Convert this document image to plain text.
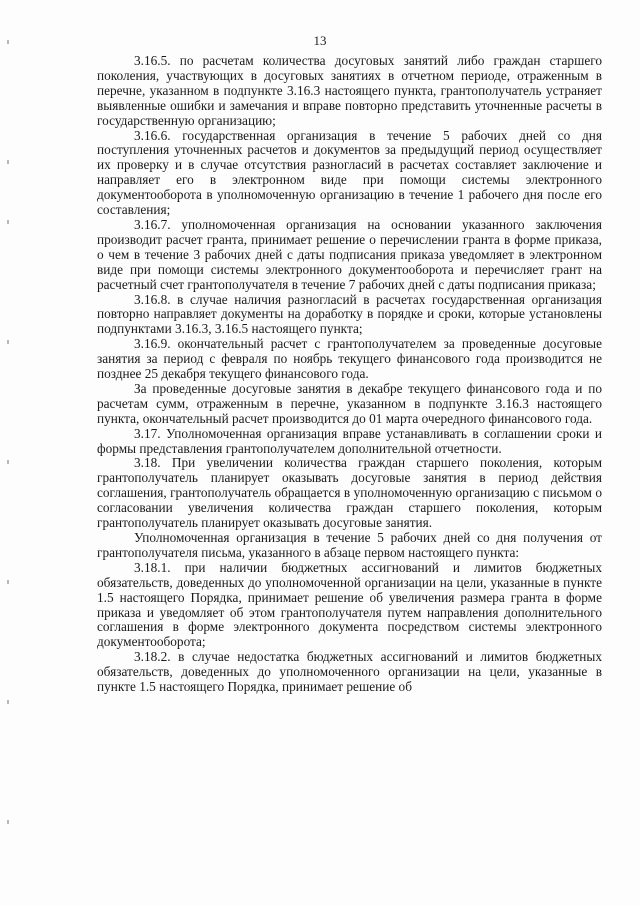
13

3.16.5. по расчетам количества досуговых занятий либо граждан старшего поколения, участвующих в досуговых занятиях в отчетном периоде, отраженным в перечне, указанном в подпункте 3.16.3 настоящего пункта, грантополучатель устраняет выявленные ошибки и замечания и вправе повторно представить уточненные расчеты в государственную организацию;

3.16.6. государственная организация в течение 5 рабочих дней со дня поступления уточненных расчетов и документов за предыдущий период осуществляет их проверку и в случае отсутствия разногласий в расчетах составляет заключение и направляет его в электронном виде при помощи системы электронного документооборота в уполномоченную организацию в течение 1 рабочего дня после его составления;

3.16.7. уполномоченная организация на основании указанного заключения производит расчет гранта, принимает решение о перечислении гранта в форме приказа, о чем в течение 3 рабочих дней с даты подписания приказа уведомляет в электронном виде при помощи системы электронного документооборота и перечисляет грант на расчетный счет грантополучателя в течение 7 рабочих дней с даты подписания приказа;

3.16.8. в случае наличия разногласий в расчетах государственная организация повторно направляет документы на доработку в порядке и сроки, которые установлены подпунктами 3.16.3, 3.16.5 настоящего пункта;

3.16.9. окончательный расчет с грантополучателем за проведенные досуговые занятия за период с февраля по ноябрь текущего финансового года производится не позднее 25 декабря текущего финансового года.

За проведенные досуговые занятия в декабре текущего финансового года и по расчетам сумм, отраженным в перечне, указанном в подпункте 3.16.3 настоящего пункта, окончательный расчет производится до 01 марта очередного финансового года.

3.17. Уполномоченная организация вправе устанавливать в соглашении сроки и формы представления грантополучателем дополнительной отчетности.

3.18. При увеличении количества граждан старшего поколения, которым грантополучатель планирует оказывать досуговые занятия в период действия соглашения, грантополучатель обращается в уполномоченную организацию с письмом о согласовании увеличения количества граждан старшего поколения, которым грантополучатель планирует оказывать досуговые занятия.

Уполномоченная организация в течение 5 рабочих дней со дня получения от грантополучателя письма, указанного в абзаце первом настоящего пункта:

3.18.1. при наличии бюджетных ассигнований и лимитов бюджетных обязательств, доведенных до уполномоченной организации на цели, указанные в пункте 1.5 настоящего Порядка, принимает решение об увеличения размера гранта в форме приказа и уведомляет об этом грантополучателя путем направления дополнительного соглашения в форме электронного документа посредством системы электронного документооборота;

3.18.2. в случае недостатка бюджетных ассигнований и лимитов бюджетных обязательств, доведенных до уполномоченного организации на цели, указанные в пункте 1.5 настоящего Порядка, принимает решение об
